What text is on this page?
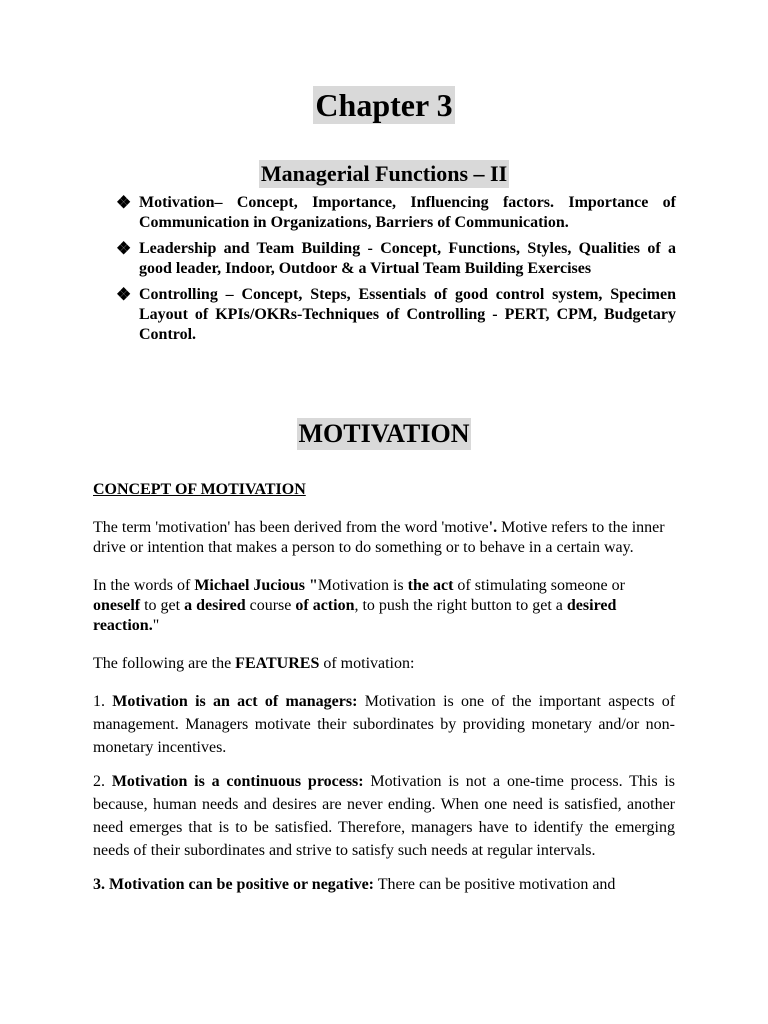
Chapter 3
Managerial Functions – II
❖ Motivation– Concept, Importance, Influencing factors. Importance of Communication in Organizations, Barriers of Communication.
❖ Leadership and Team Building - Concept, Functions, Styles, Qualities of a good leader, Indoor, Outdoor & a Virtual Team Building Exercises
❖ Controlling – Concept, Steps, Essentials of good control system, Specimen Layout of KPIs/OKRs-Techniques of Controlling - PERT, CPM, Budgetary Control.
MOTIVATION
CONCEPT OF MOTIVATION

The term 'motivation' has been derived from the word 'motive'. Motive refers to the inner drive or intention that makes a person to do something or to behave in a certain way.

In the words of Michael Jucious "Motivation is the act of stimulating someone or oneself to get a desired course of action, to push the right button to get a desired reaction."

The following are the FEATURES of motivation:

1. Motivation is an act of managers: Motivation is one of the important aspects of management. Managers motivate their subordinates by providing monetary and/or non-monetary incentives.

2. Motivation is a continuous process: Motivation is not a one-time process. This is because, human needs and desires are never ending. When one need is satisfied, another need emerges that is to be satisfied. Therefore, managers have to identify the emerging needs of their subordinates and strive to satisfy such needs at regular intervals.

3. Motivation can be positive or negative: There can be positive motivation and
